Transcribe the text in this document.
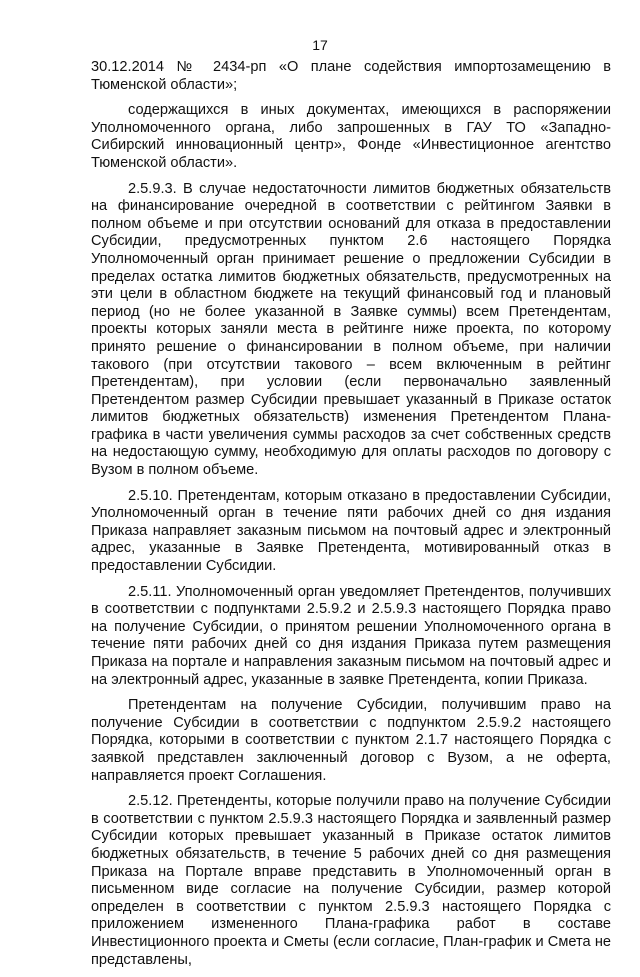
17

30.12.2014 № 2434-рп «О плане содействия импортозамещению в Тюменской области»;

содержащихся в иных документах, имеющихся в распоряжении Уполномоченного органа, либо запрошенных в ГАУ ТО «Западно-Сибирский инновационный центр», Фонде «Инвестиционное агентство Тюменской области».

2.5.9.3. В случае недостаточности лимитов бюджетных обязательств на финансирование очередной в соответствии с рейтингом Заявки в полном объеме и при отсутствии оснований для отказа в предоставлении Субсидии, предусмотренных пунктом 2.6 настоящего Порядка Уполномоченный орган принимает решение о предложении Субсидии в пределах остатка лимитов бюджетных обязательств, предусмотренных на эти цели в областном бюджете на текущий финансовый год и плановый период (но не более указанной в Заявке суммы) всем Претендентам, проекты которых заняли места в рейтинге ниже проекта, по которому принято решение о финансировании в полном объеме, при наличии такового (при отсутствии такового – всем включенным в рейтинг Претендентам), при условии (если первоначально заявленный Претендентом размер Субсидии превышает указанный в Приказе остаток лимитов бюджетных обязательств) изменения Претендентом Плана-графика в части увеличения суммы расходов за счет собственных средств на недостающую сумму, необходимую для оплаты расходов по договору с Вузом в полном объеме.

2.5.10. Претендентам, которым отказано в предоставлении Субсидии, Уполномоченный орган в течение пяти рабочих дней со дня издания Приказа направляет заказным письмом на почтовый адрес и электронный адрес, указанные в Заявке Претендента, мотивированный отказ в предоставлении Субсидии.

2.5.11. Уполномоченный орган уведомляет Претендентов, получивших в соответствии с подпунктами 2.5.9.2 и 2.5.9.3 настоящего Порядка право на получение Субсидии, о принятом решении Уполномоченного органа в течение пяти рабочих дней со дня издания Приказа путем размещения Приказа на портале и направления заказным письмом на почтовый адрес и на электронный адрес, указанные в заявке Претендента, копии Приказа.

Претендентам на получение Субсидии, получившим право на получение Субсидии в соответствии с подпунктом 2.5.9.2 настоящего Порядка, которыми в соответствии с пунктом 2.1.7 настоящего Порядка с заявкой представлен заключенный договор с Вузом, а не оферта, направляется проект Соглашения.

2.5.12. Претенденты, которые получили право на получение Субсидии в соответствии с пунктом 2.5.9.3 настоящего Порядка и заявленный размер Субсидии которых превышает указанный в Приказе остаток лимитов бюджетных обязательств, в течение 5 рабочих дней со дня размещения Приказа на Портале вправе представить в Уполномоченный орган в письменном виде согласие на получение Субсидии, размер которой определен в соответствии с пунктом 2.5.9.3 настоящего Порядка с приложением измененного Плана-графика работ в составе Инвестиционного проекта и Сметы (если согласие, План-график и Смета не представлены,
